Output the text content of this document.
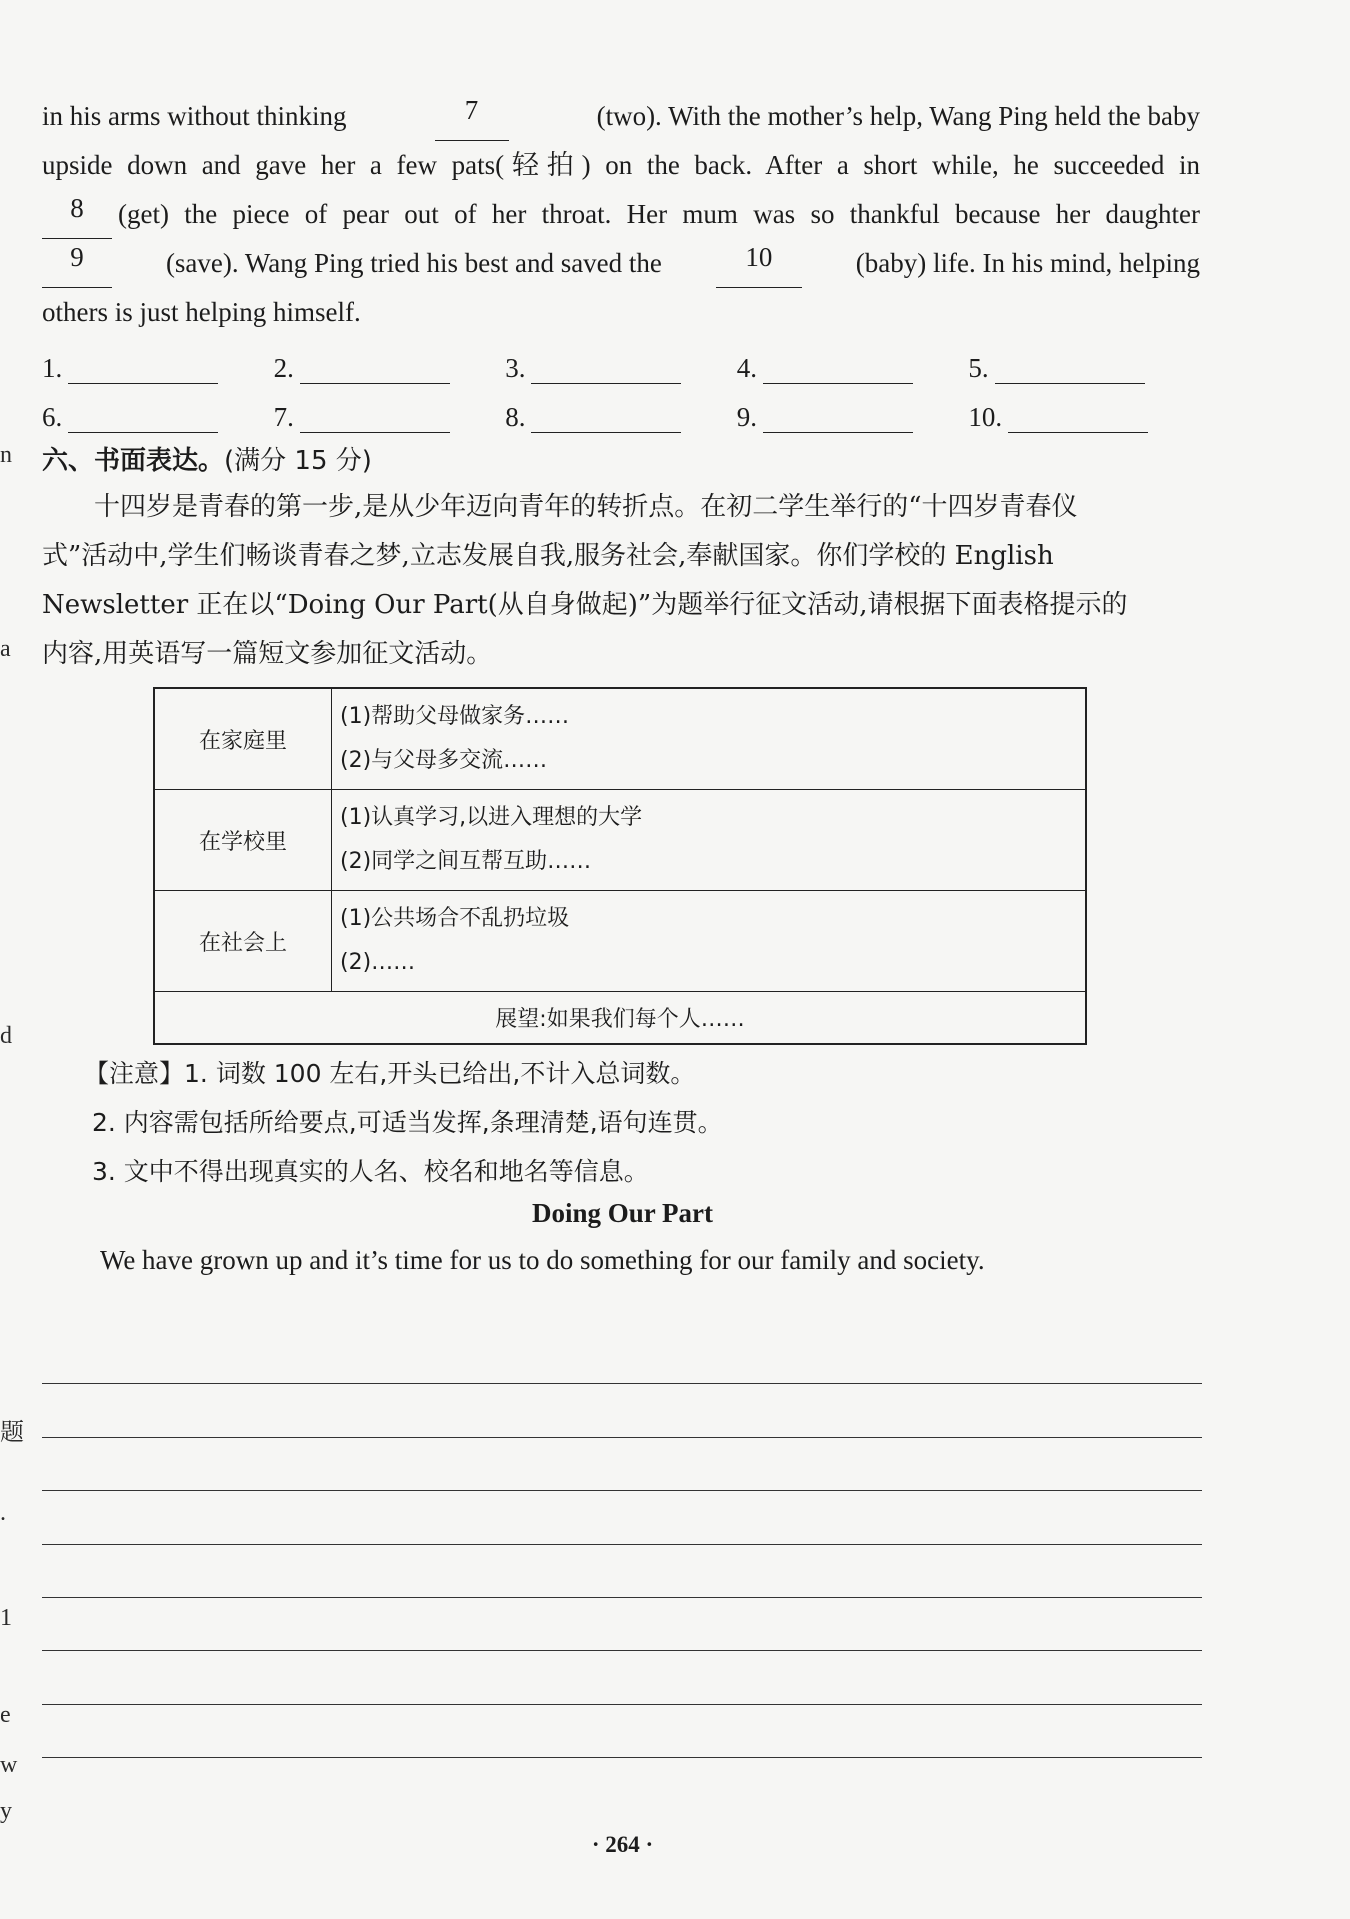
n
a
d
题
.
1
e
w
y
in his arms without thinking	7	(two). With the mother’s help, Wang Ping held the baby
upside down and gave her a few pats(轻拍) on the back. After a short while, he succeeded in
8	(get) the piece of pear out of her throat. Her mum was so thankful because her daughter
9	(save). Wang Ping tried his best and saved the	10	(baby) life. In his mind, helping
others is just helping himself.
1.	2.	3.	4.	5.
6.	7.	8.	9.	10.
六、书面表达。(满分 15 分)
十四岁是青春的第一步,是从少年迈向青年的转折点。在初二学生举行的“十四岁青春仪
式”活动中,学生们畅谈青春之梦,立志发展自我,服务社会,奉献国家。你们学校的 English
Newsletter 正在以“Doing Our Part(从自身做起)”为题举行征文活动,请根据下面表格提示的
内容,用英语写一篇短文参加征文活动。
在家庭里	(1)帮助父母做家务……
(2)与父母多交流……

在学校里	(1)认真学习,以进入理想的大学
(2)同学之间互帮互助……

在社会上	(1)公共场合不乱扔垃圾
(2)……

展望:如果我们每个人……	
【注意】1. 词数 100 左右,开头已给出,不计入总词数。
2. 内容需包括所给要点,可适当发挥,条理清楚,语句连贯。
3. 文中不得出现真实的人名、校名和地名等信息。
Doing Our Part
We have grown up and it’s time for us to do something for our family and society.
· 264 ·
